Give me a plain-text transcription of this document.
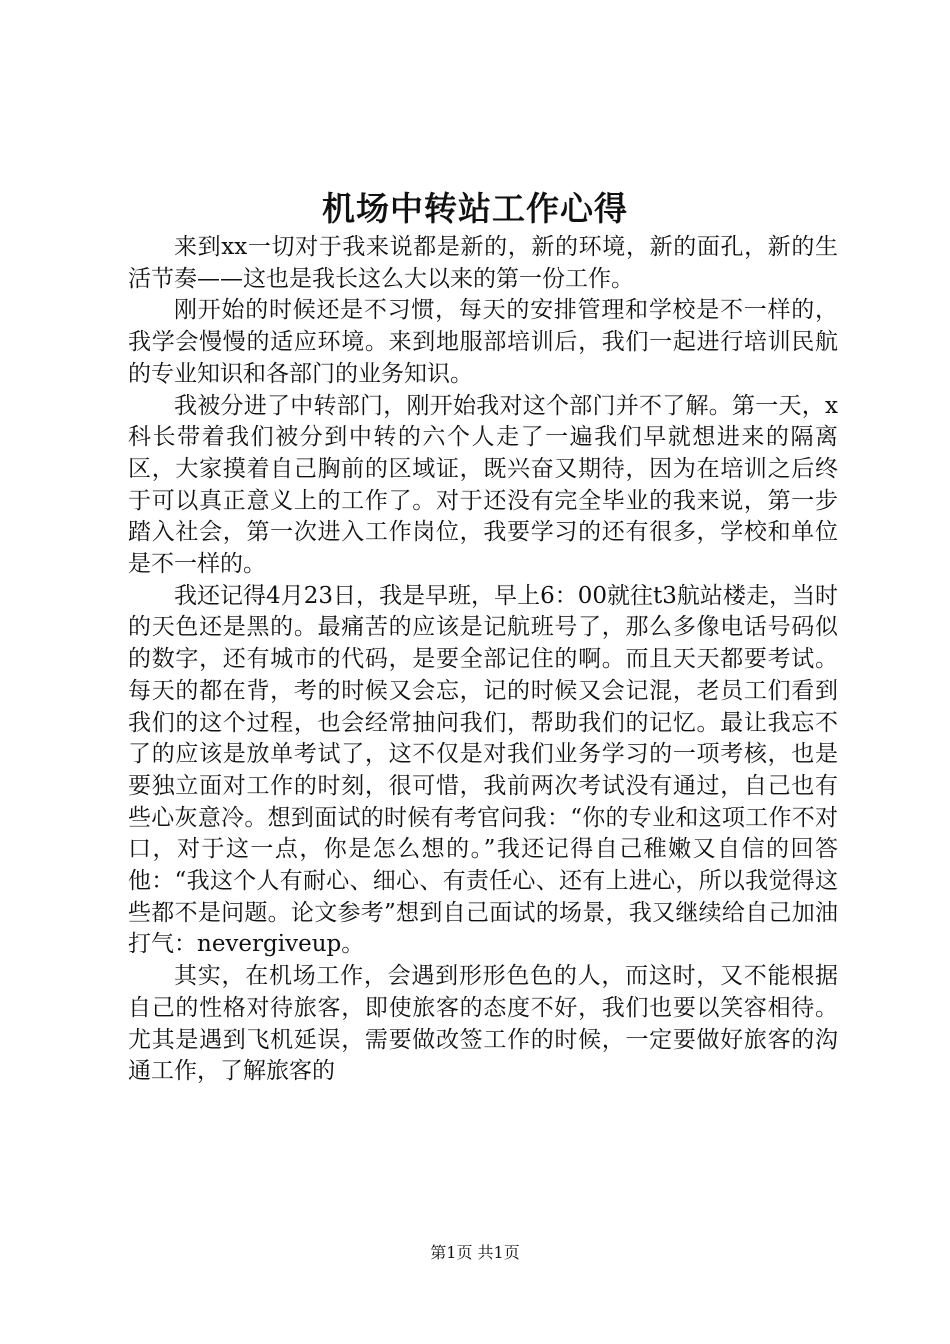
机场中转站工作心得

来到xx一切对于我来说都是新的，新的环境，新的面孔，新的生活节奏——这也是我长这么大以来的第一份工作。

刚开始的时候还是不习惯，每天的安排管理和学校是不一样的，我学会慢慢的适应环境。来到地服部培训后，我们一起进行培训民航的专业知识和各部门的业务知识。

我被分进了中转部门，刚开始我对这个部门并不了解。第一天，x科长带着我们被分到中转的六个人走了一遍我们早就想进来的隔离区，大家摸着自己胸前的区域证，既兴奋又期待，因为在培训之后终于可以真正意义上的工作了。对于还没有完全毕业的我来说，第一步踏入社会，第一次进入工作岗位，我要学习的还有很多，学校和单位是不一样的。

我还记得4月23日，我是早班，早上6：00就往t3航站楼走，当时的天色还是黑的。最痛苦的应该是记航班号了，那么多像电话号码似的数字，还有城市的代码，是要全部记住的啊。而且天天都要考试。每天的都在背，考的时候又会忘，记的时候又会记混，老员工们看到我们的这个过程，也会经常抽问我们，帮助我们的记忆。最让我忘不了的应该是放单考试了，这不仅是对我们业务学习的一项考核，也是要独立面对工作的时刻，很可惜，我前两次考试没有通过，自己也有些心灰意冷。想到面试的时候有考官问我：“你的专业和这项工作不对口，对于这一点，你是怎么想的。”我还记得自己稚嫩又自信的回答他：“我这个人有耐心、细心、有责任心、还有上进心，所以我觉得这些都不是问题。论文参考”想到自己面试的场景，我又继续给自己加油打气：nevergiveup。

其实，在机场工作，会遇到形形色色的人，而这时，又不能根据自己的性格对待旅客，即使旅客的态度不好，我们也要以笑容相待。尤其是遇到飞机延误，需要做改签工作的时候，一定要做好旅客的沟通工作，了解旅客的

第1页 共1页
